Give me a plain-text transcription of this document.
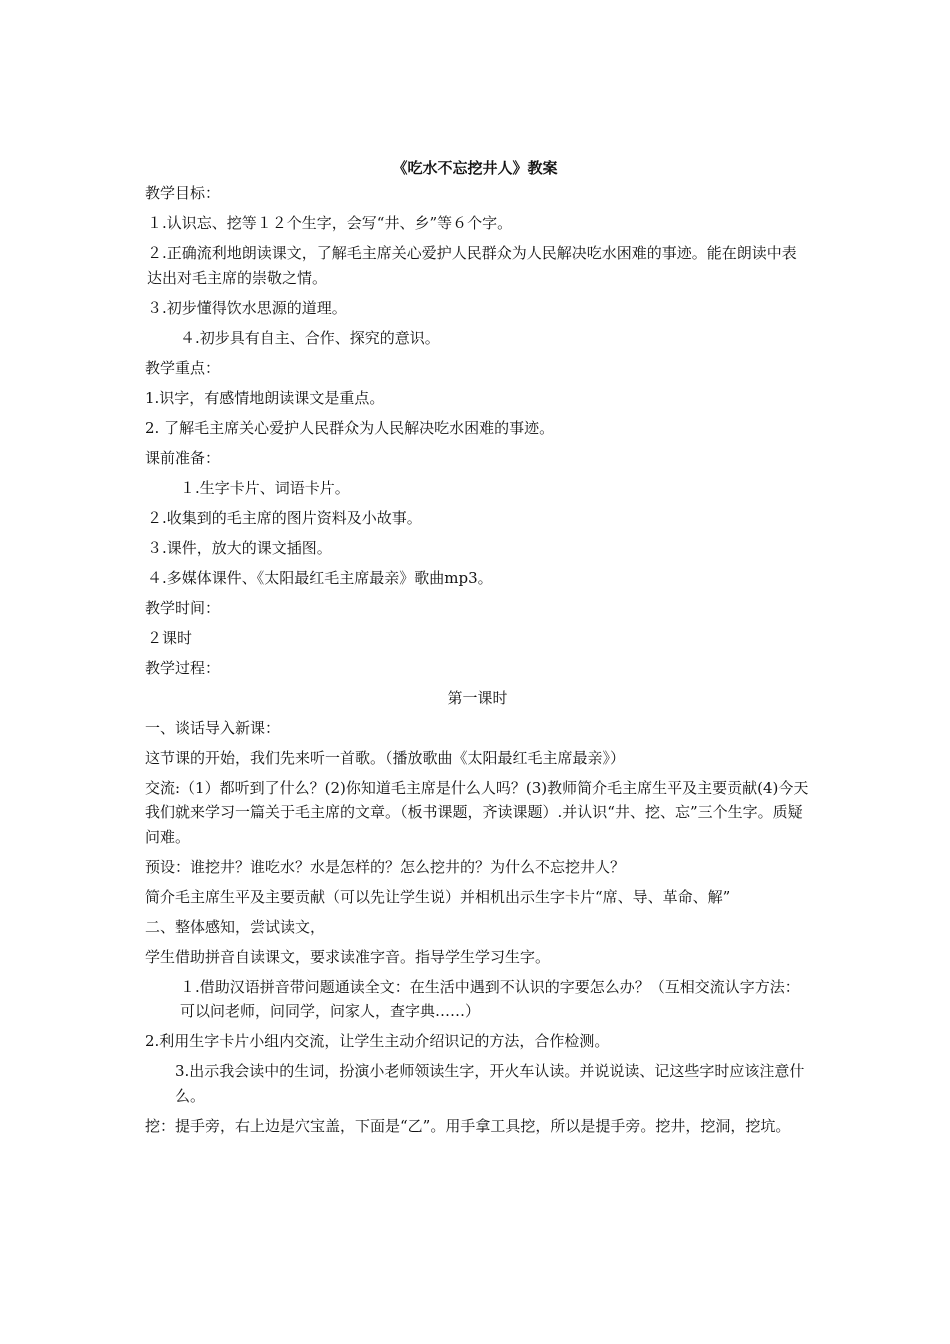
《吃水不忘挖井人》教案
教学目标：
１.认识忘、挖等１２个生字，会写“井、乡”等６个字。
２.正确流利地朗读课文，了解毛主席关心爱护人民群众为人民解决吃水困难的事迹。能在朗读中表达出对毛主席的崇敬之情。
３.初步懂得饮水思源的道理。
４.初步具有自主、合作、探究的意识。
教学重点：
1.识字，有感情地朗读课文是重点。
2. 了解毛主席关心爱护人民群众为人民解决吃水困难的事迹。
课前准备：
１.生字卡片、词语卡片。
２.收集到的毛主席的图片资料及小故事。
３.课件，放大的课文插图。
４.多媒体课件、《太阳最红毛主席最亲》歌曲mp3。
教学时间：
２课时
教学过程：
第一课时
一、谈话导入新课：
这节课的开始，我们先来听一首歌。（播放歌曲《太阳最红毛主席最亲》）
交流:（1）都听到了什么？(2)你知道毛主席是什么人吗？(3)教师简介毛主席生平及主要贡献(4)今天我们就来学习一篇关于毛主席的文章。（板书课题，齐读课题）.并认识“井、挖、忘”三个生字。质疑问难。
预设：谁挖井？谁吃水？水是怎样的？怎么挖井的？为什么不忘挖井人？
简介毛主席生平及主要贡献（可以先让学生说）并相机出示生字卡片“席、导、革命、解”
二、整体感知，尝试读文，
学生借助拼音自读课文，要求读准字音。指导学生学习生字。
１.借助汉语拼音带问题通读全文：在生活中遇到不认识的字要怎么办？（互相交流认字方法：可以问老师，问同学，问家人，查字典……）
2.利用生字卡片小组内交流，让学生主动介绍识记的方法，合作检测。
3.出示我会读中的生词，扮演小老师领读生字，开火车认读。并说说读、记这些字时应该注意什么。
挖：提手旁，右上边是穴宝盖，下面是“乙”。用手拿工具挖，所以是提手旁。挖井，挖洞，挖坑。
